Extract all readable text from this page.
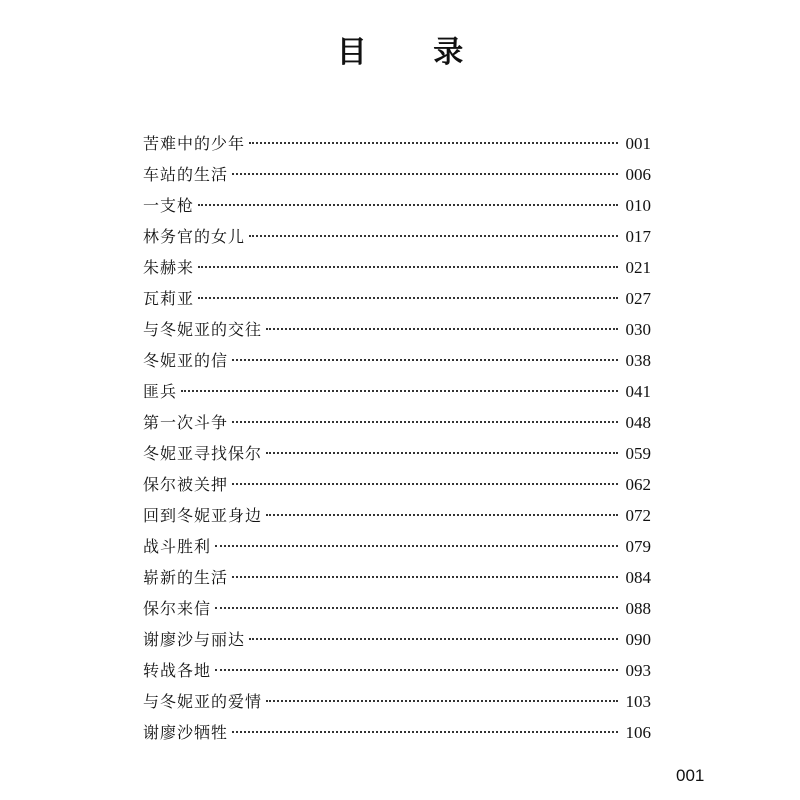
目 录
苦难中的少年	001
车站的生活	006
一支枪	010
林务官的女儿	017
朱赫来	021
瓦莉亚	027
与冬妮亚的交往	030
冬妮亚的信	038
匪兵	041
第一次斗争	048
冬妮亚寻找保尔	059
保尔被关押	062
回到冬妮亚身边	072
战斗胜利	079
崭新的生活	084
保尔来信	088
谢廖沙与丽达	090
转战各地	093
与冬妮亚的爱情	103
谢廖沙牺牲	106
001
